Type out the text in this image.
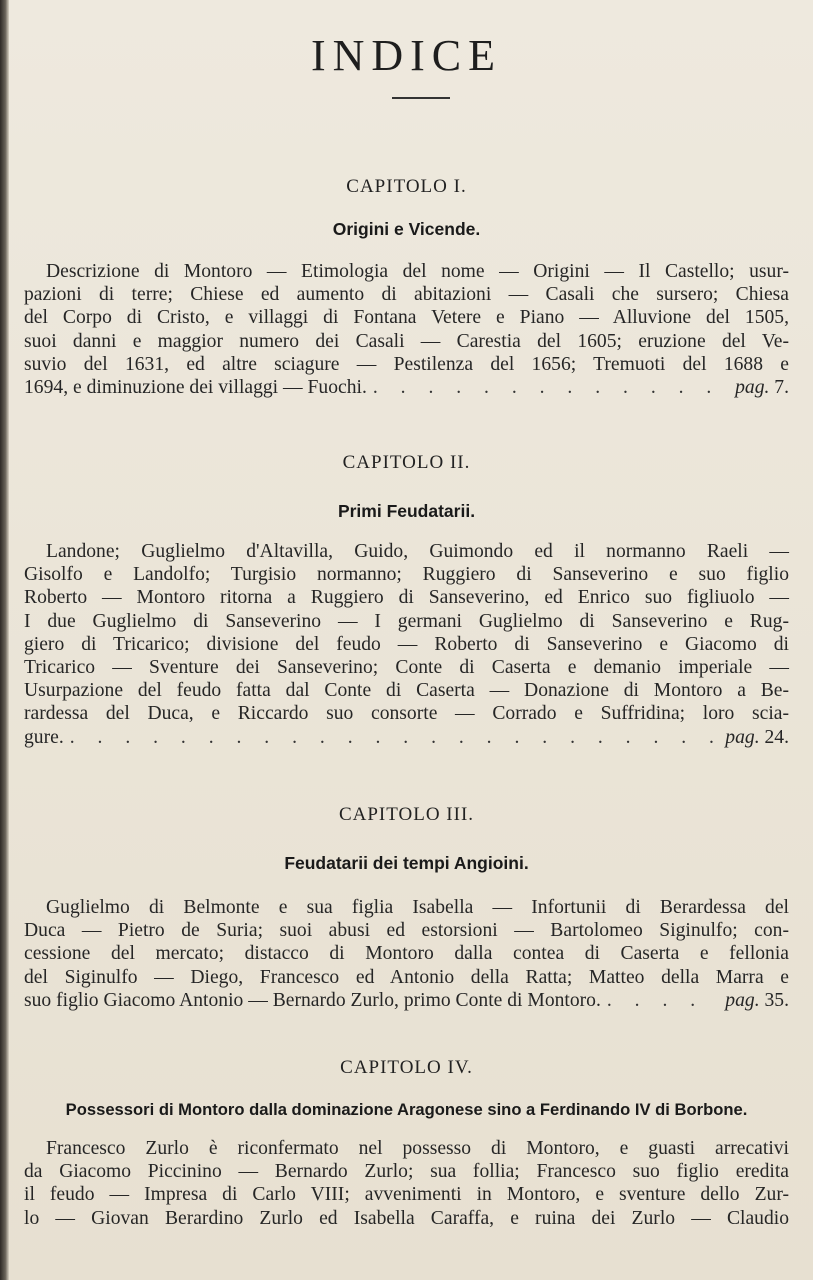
INDICE
CAPITOLO I.
Origini e Vicende.
Descrizione di Montoro — Etimologia del nome — Origini — Il Castello; usur-
pazioni di terre; Chiese ed aumento di abitazioni — Casali che sursero; Chiesa
del Corpo di Cristo, e villaggi di Fontana Vetere e Piano — Alluvione del 1505,
suoi danni e maggior numero dei Casali — Carestia del 1605; eruzione del Ve-
suvio del 1631, ed altre sciagure — Pestilenza del 1656; Tremuoti del 1688 e
1694, e diminuzione dei villaggi — Fuochi. . . .	pag. 7.
CAPITOLO II.
Primi Feudatarii.
Landone; Guglielmo d'Altavilla, Guido, Guimondo ed il normanno Raeli —
Gisolfo e Landolfo; Turgisio normanno; Ruggiero di Sanseverino e suo figlio
Roberto — Montoro ritorna a Ruggiero di Sanseverino, ed Enrico suo figliuolo —
I due Guglielmo di Sanseverino — I germani Guglielmo di Sanseverino e Rug-
giero di Tricarico; divisione del feudo — Roberto di Sanseverino e Giacomo di
Tricarico — Sventure dei Sanseverino; Conte di Caserta e demanio imperiale —
Usurpazione del feudo fatta dal Conte di Caserta — Donazione di Montoro a Be-
rardessa del Duca, e Riccardo suo consorte — Corrado e Suffridina; loro scia-
gure. . . .	pag. 24.
CAPITOLO III.
Feudatarii dei tempi Angioini.
Guglielmo di Belmonte e sua figlia Isabella — Infortunii di Berardessa del
Duca — Pietro de Suria; suoi abusi ed estorsioni — Bartolomeo Siginulfo; con-
cessione del mercato; distacco di Montoro dalla contea di Caserta e fellonia
del Siginulfo — Diego, Francesco ed Antonio della Ratta; Matteo della Marra e
suo figlio Giacomo Antonio — Bernardo Zurlo, primo Conte di Montoro. . . .	pag. 35.
CAPITOLO IV.
Possessori di Montoro dalla dominazione Aragonese sino a Ferdinando IV di Borbone.
Francesco Zurlo è riconfermato nel possesso di Montoro, e guasti arrecativi
da Giacomo Piccinino — Bernardo Zurlo; sua follia; Francesco suo figlio eredita
il feudo — Impresa di Carlo VIII; avvenimenti in Montoro, e sventure dello Zur-
lo — Giovan Berardino Zurlo ed Isabella Caraffa, e ruina dei Zurlo — Claudio
